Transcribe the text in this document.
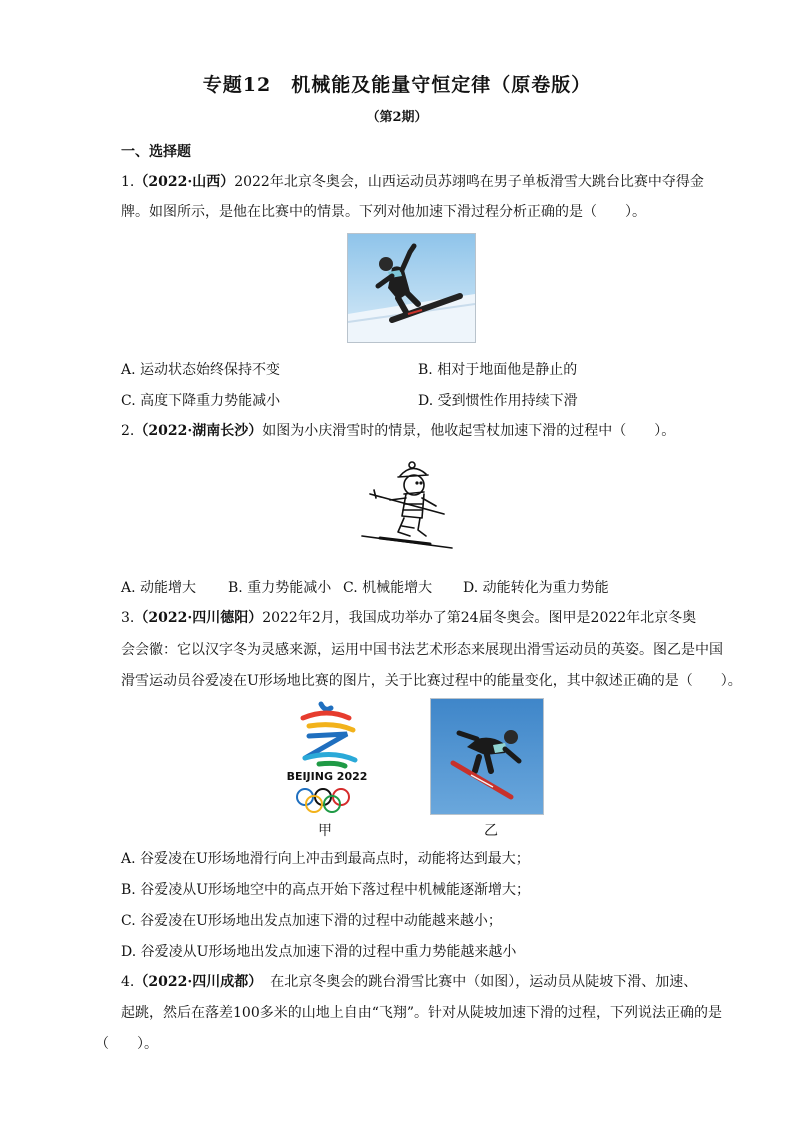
专题12　机械能及能量守恒定律（原卷版）
（第2期）
一、选择题
1.（2022·山西）2022年北京冬奥会，山西运动员苏翊鸣在男子单板滑雪大跳台比赛中夺得金
牌。如图所示，是他在比赛中的情景。下列对他加速下滑过程分析正确的是（　　）。
A. 运动状态始终保持不变	B. 相对于地面他是静止的
C. 高度下降重力势能减小	D. 受到惯性作用持续下滑
2.（2022·湖南长沙）如图为小庆滑雪时的情景，他收起雪杖加速下滑的过程中（　　）。
A. 动能增大 B. 重力势能减小 C. 机械能增大 D. 动能转化为重力势能
3.（2022·四川德阳）2022年2月，我国成功举办了第24届冬奥会。图甲是2022年北京冬奥
会会徽：它以汉字冬为灵感来源，运用中国书法艺术形态来展现出滑雪运动员的英姿。图乙是中国
滑雪运动员谷爱凌在U形场地比赛的图片，关于比赛过程中的能量变化，其中叙述正确的是（　　）。
BEIJING 2022
甲	乙
A. 谷爱凌在U形场地滑行向上冲击到最高点时，动能将达到最大；
B. 谷爱凌从U形场地空中的高点开始下落过程中机械能逐渐增大；
C. 谷爱凌在U形场地出发点加速下滑的过程中动能越来越小；
D. 谷爱凌从U形场地出发点加速下滑的过程中重力势能越来越小
4.（2022·四川成都） 在北京冬奥会的跳台滑雪比赛中（如图），运动员从陡坡下滑、加速、
起跳，然后在落差100多米的山地上自由“飞翔”。针对从陡坡加速下滑的过程，下列说法正确的是
（　　）。
